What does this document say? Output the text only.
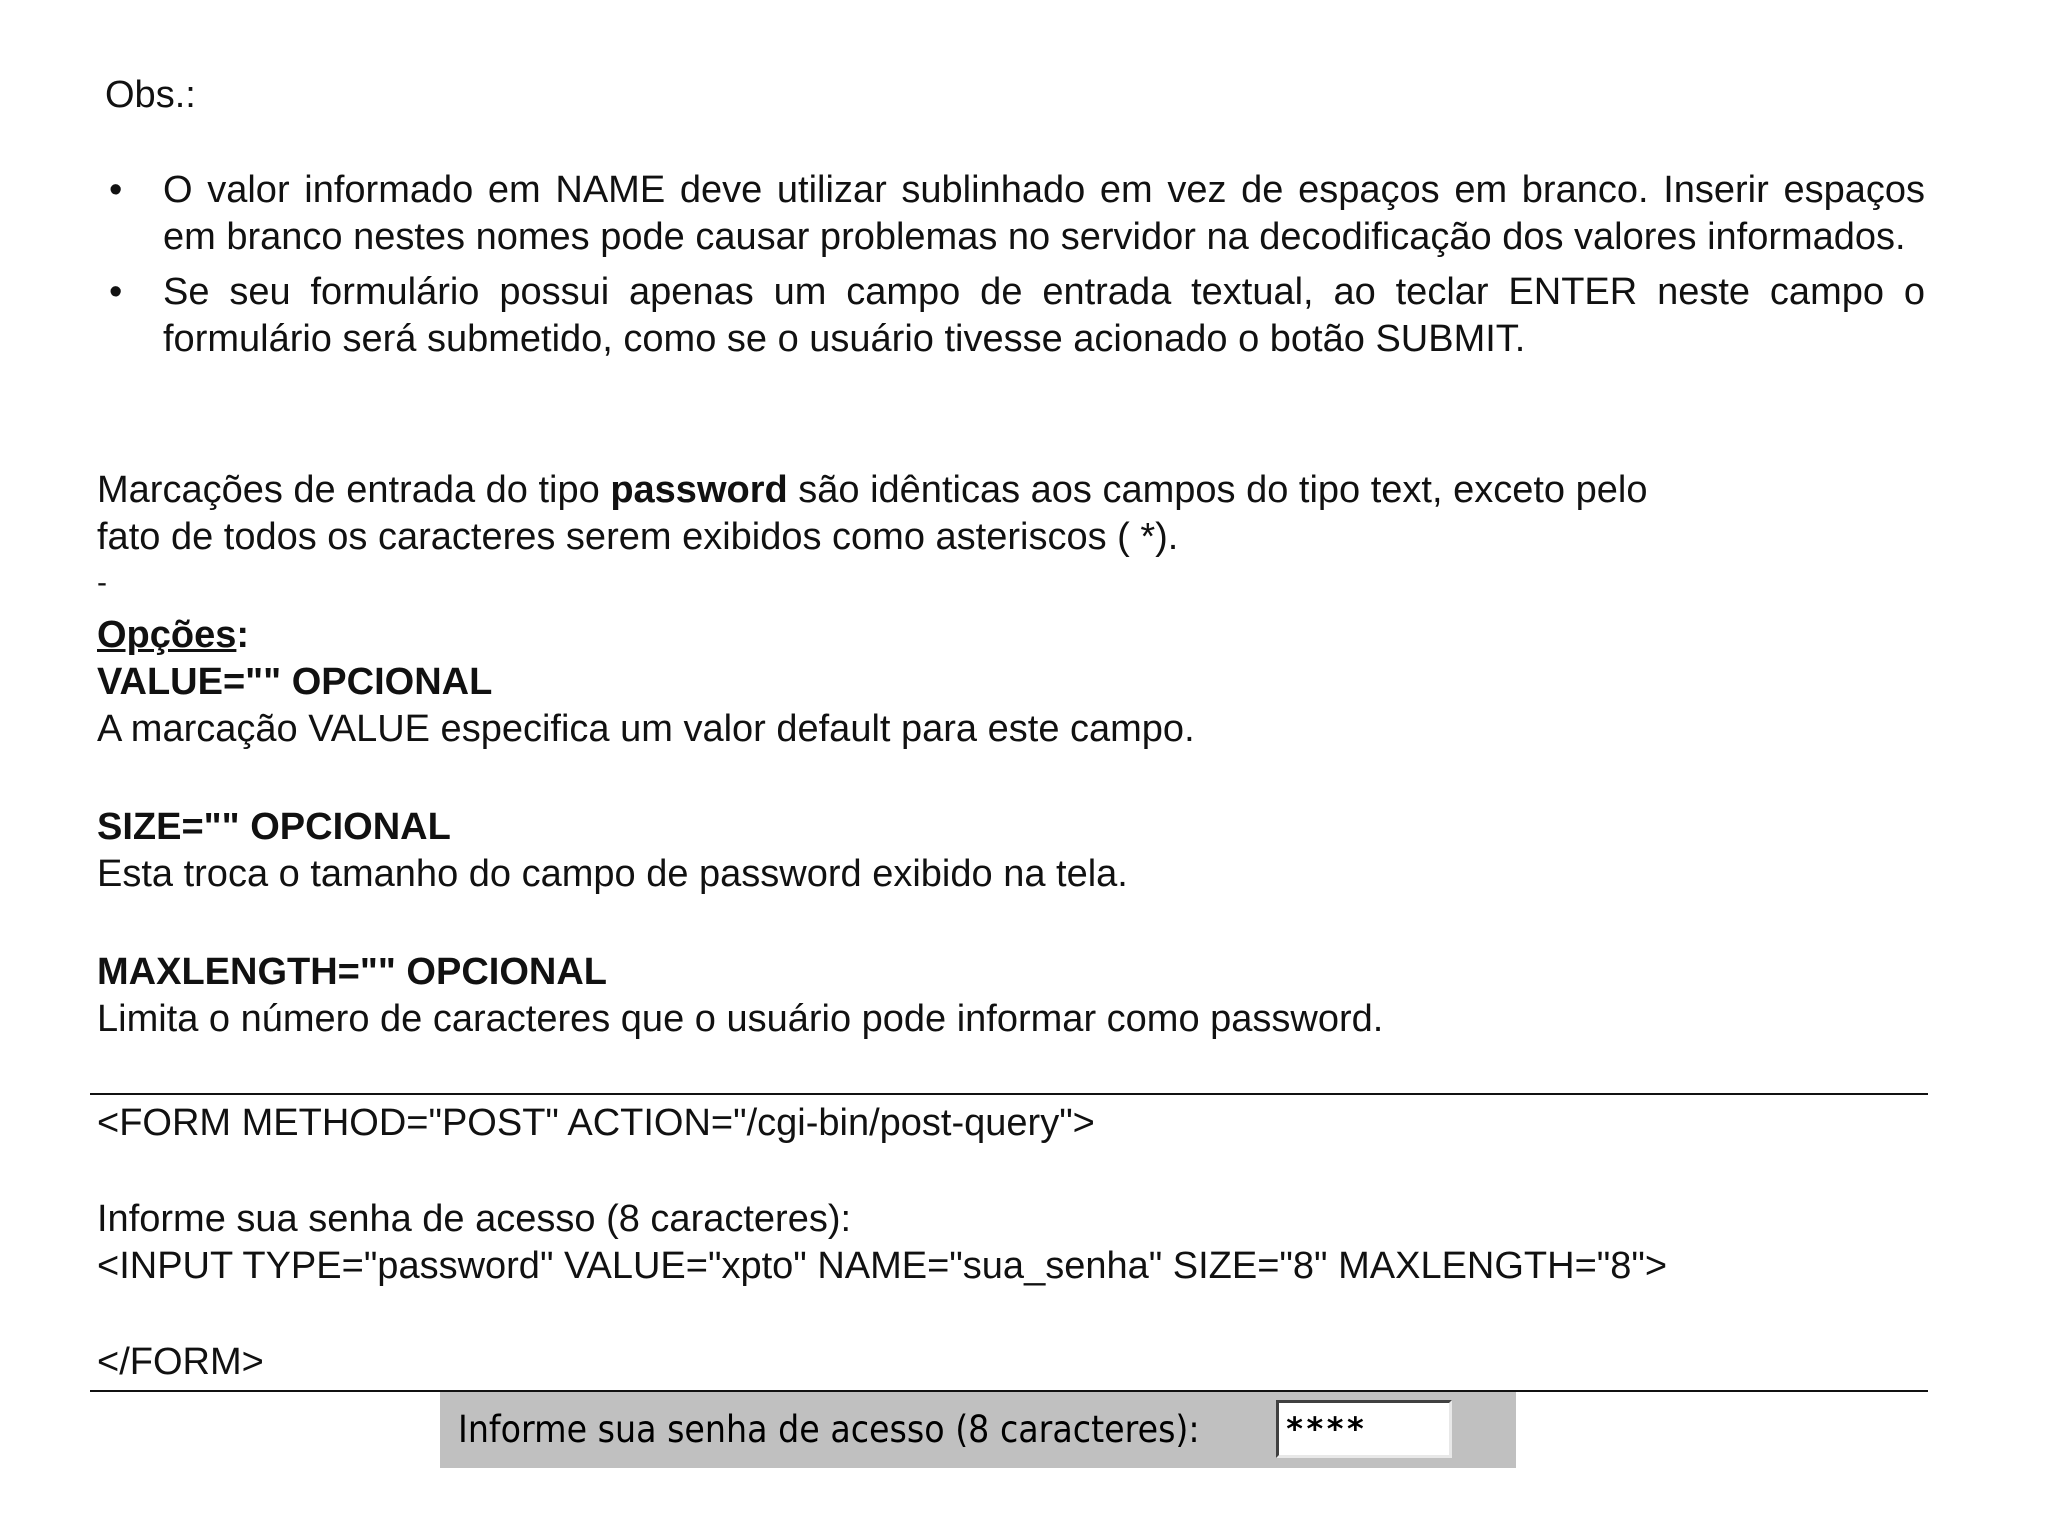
Obs.:
• O valor informado em NAME deve utilizar sublinhado em vez de espaços em branco. Inserir espaços em branco nestes nomes pode causar problemas no servidor na decodificação dos valores informados.
• Se seu formulário possui apenas um campo de entrada textual, ao teclar ENTER neste campo o formulário será submetido, como se o usuário tivesse acionado o botão SUBMIT.
Marcações de entrada do tipo password são idênticas aos campos do tipo text, exceto pelo
fato de todos os caracteres serem exibidos como asteriscos ( *).
-
Opções:
VALUE="" OPCIONAL
A marcação VALUE especifica um valor default para este campo.
SIZE="" OPCIONAL
Esta troca o tamanho do campo de password exibido na tela.
MAXLENGTH="" OPCIONAL
Limita o número de caracteres que o usuário pode informar como password.
<FORM METHOD="POST" ACTION="/cgi-bin/post-query">
Informe sua senha de acesso (8 caracteres):
<INPUT TYPE="password" VALUE="xpto" NAME="sua_senha" SIZE="8" MAXLENGTH="8">
</FORM>
Informe sua senha de acesso (8 caracteres):	****
